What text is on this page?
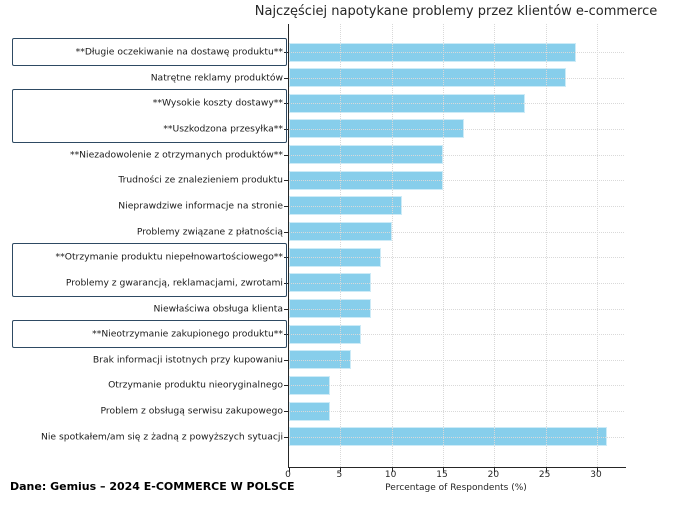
Najczęściej napotykane problemy przez klientów e-commerce
Percentage of Respondents (%)
Dane: Gemius – 2024 E-COMMERCE W POLSCE
0	5	10	15	20	25	30
**Długie oczekiwanie na dostawę produktu**
Natrętne reklamy produktów
**Wysokie koszty dostawy**
**Uszkodzona przesyłka**
**Niezadowolenie z otrzymanych produktów**
Trudności ze znalezieniem produktu
Nieprawdziwe informacje na stronie
Problemy związane z płatnością
**Otrzymanie produktu niepełnowartościowego**
Problemy z gwarancją, reklamacjami, zwrotami
Niewłaściwa obsługa klienta
**Nieotrzymanie zakupionego produktu**
Brak informacji istotnych przy kupowaniu
Otrzymanie produktu nieoryginalnego
Problem z obsługą serwisu zakupowego
Nie spotkałem/am się z żadną z powyższych sytuacji
